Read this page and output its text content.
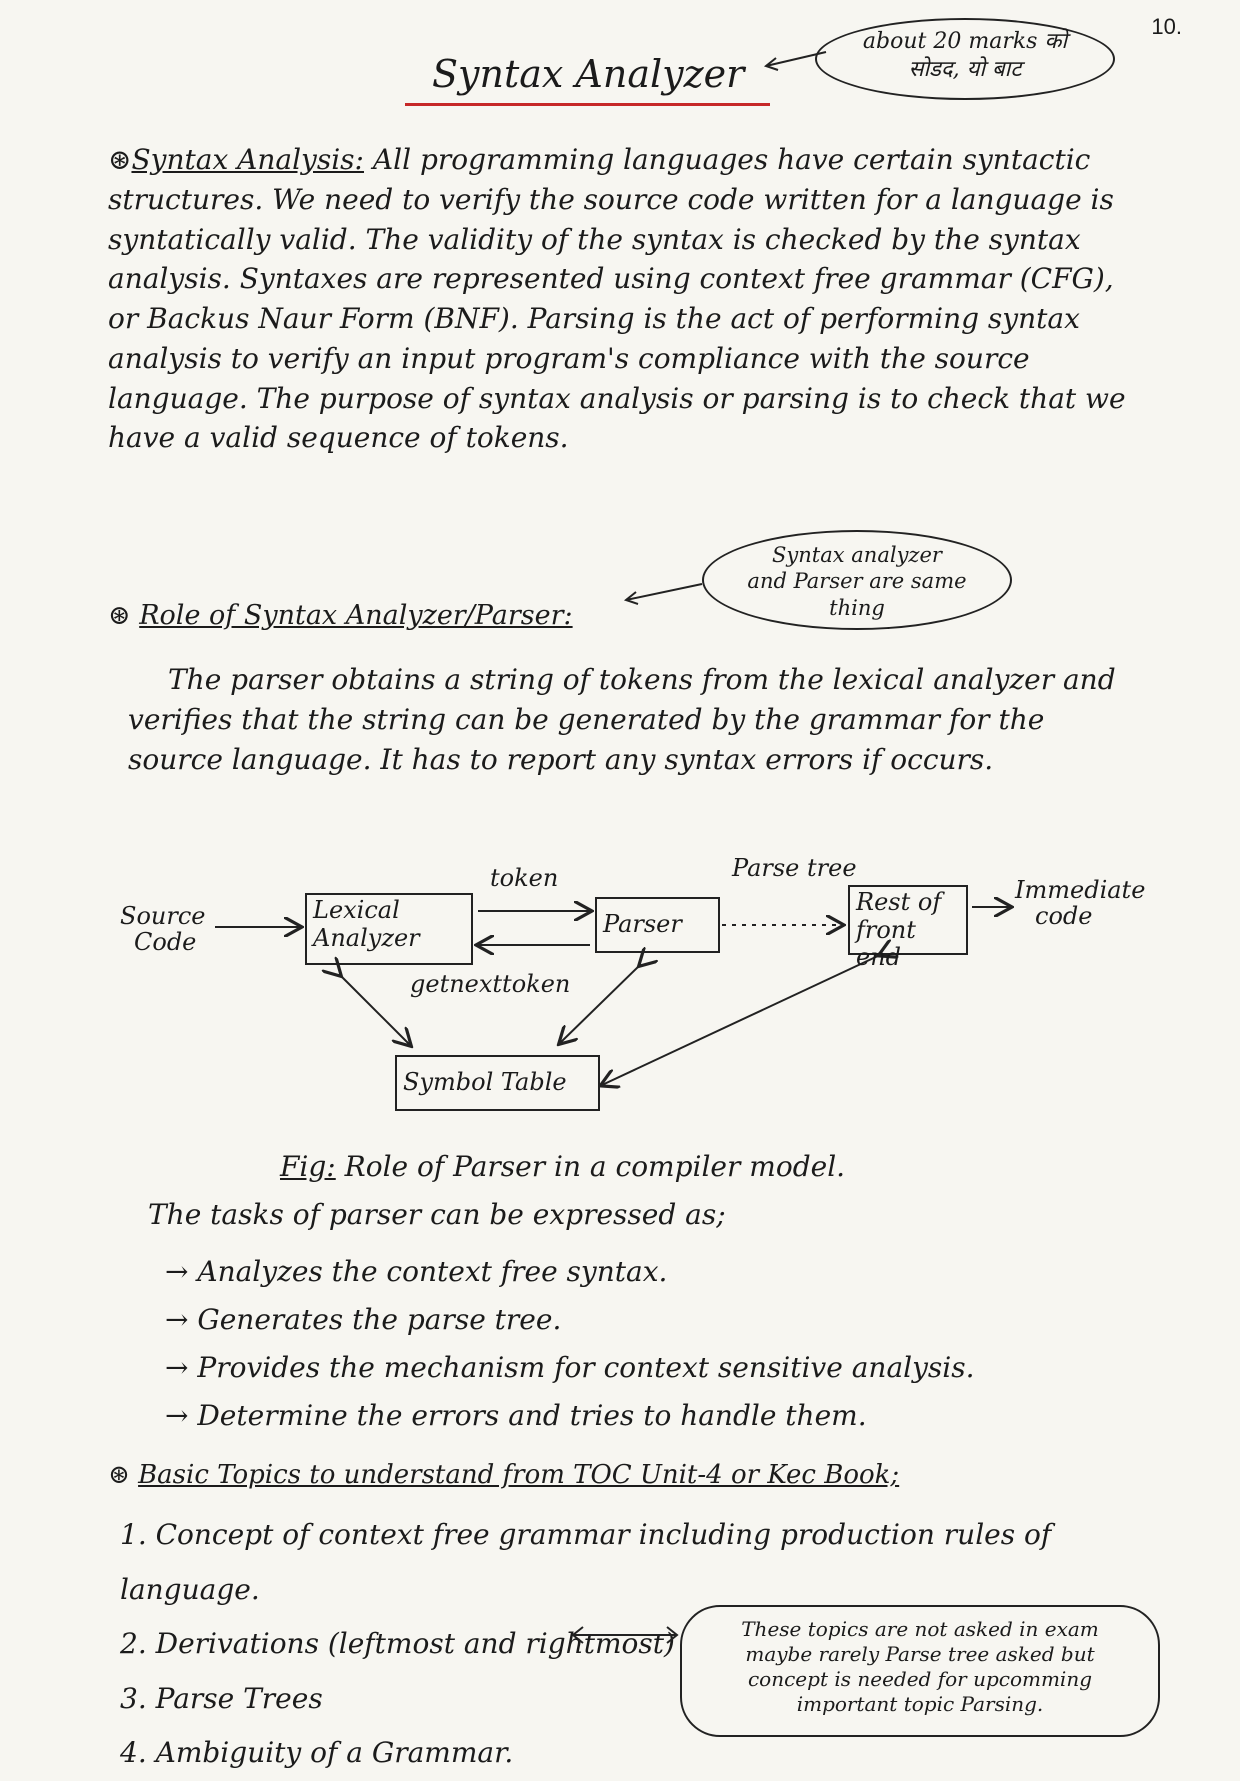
10.
Syntax Analyzer
about 20 marks को
सोडद, यो बाट
⊛Syntax Analysis: All programming languages have certain syntactic structures. We need to verify the source code written for a language is syntatically valid. The validity of the syntax is checked by the syntax analysis. Syntaxes are represented using context free grammar (CFG), or Backus Naur Form (BNF). Parsing is the act of performing syntax analysis to verify an input program's compliance with the source language. The purpose of syntax analysis or parsing is to check that we have a valid sequence of tokens.
Syntax analyzer
and Parser are same
thing
⊛ Role of Syntax Analyzer/Parser:
The parser obtains a string of tokens from the lexical analyzer and verifies that the string can be generated by the grammar for the source language. It has to report any syntax errors if occurs.
Source
Code
Lexical
Analyzer
token
Parser
Parse tree
Rest of
front end
Immediate
code
getnexttoken
Symbol Table
Fig: Role of Parser in a compiler model.
The tasks of parser can be expressed as;
→ Analyzes the context free syntax.
→ Generates the parse tree.
→ Provides the mechanism for context sensitive analysis.
→ Determine the errors and tries to handle them.
⊛ Basic Topics to understand from TOC Unit-4 or Kec Book;
1. Concept of context free grammar including production rules of language.
2. Derivations (leftmost and rightmost)
3. Parse Trees
4. Ambiguity of a Grammar.
These topics are not asked in exam
maybe rarely Parse tree asked but
concept is needed for upcomming
important topic Parsing.
